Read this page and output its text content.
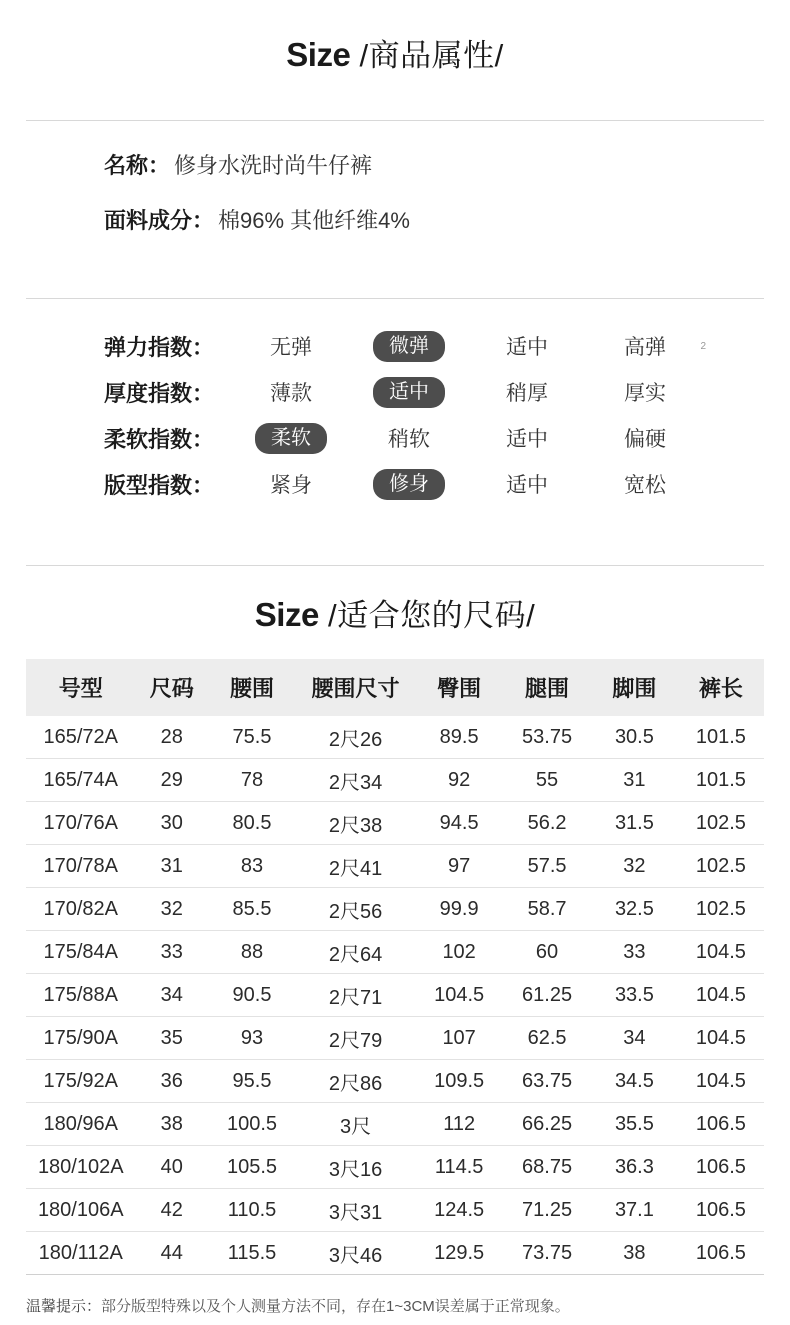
Size /商品属性/
名称： 修身水洗时尚牛仔裤
面料成分： 棉96% 其他纤维4%
2
弹力指数：	无弹	微弹	适中	高弹
厚度指数：	薄款	适中	稍厚	厚实
柔软指数：	柔软	稍软	适中	偏硬
版型指数：	紧身	修身	适中	宽松
Size /适合您的尺码/
号型	尺码	腰围	腰围尺寸	臀围	腿围	脚围	裤长
165/72A	28	75.5	2尺26	89.5	53.75	30.5	101.5
165/74A	29	78	2尺34	92	55	31	101.5
170/76A	30	80.5	2尺38	94.5	56.2	31.5	102.5
170/78A	31	83	2尺41	97	57.5	32	102.5
170/82A	32	85.5	2尺56	99.9	58.7	32.5	102.5
175/84A	33	88	2尺64	102	60	33	104.5
175/88A	34	90.5	2尺71	104.5	61.25	33.5	104.5
175/90A	35	93	2尺79	107	62.5	34	104.5
175/92A	36	95.5	2尺86	109.5	63.75	34.5	104.5
180/96A	38	100.5	3尺	112	66.25	35.5	106.5
180/102A	40	105.5	3尺16	114.5	68.75	36.3	106.5
180/106A	42	110.5	3尺31	124.5	71.25	37.1	106.5
180/112A	44	115.5	3尺46	129.5	73.75	38	106.5
温馨提示：部分版型特殊以及个人测量方法不同，存在1~3CM误差属于正常现象。
